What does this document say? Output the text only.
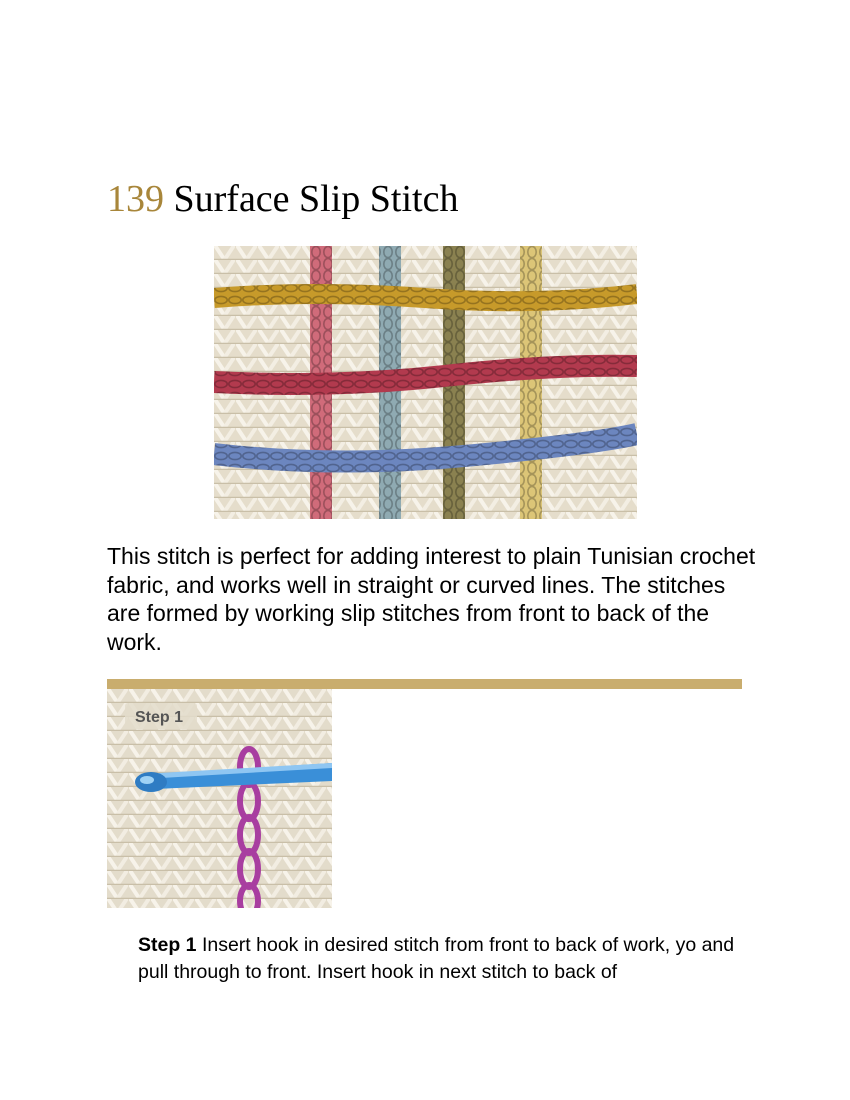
139 Surface Slip Stitch

This stitch is perfect for adding interest to plain Tunisian crochet fabric, and works well in straight or curved lines. The stitches are formed by working slip stitches from front to back of the work.

Step 1

Step 1 Insert hook in desired stitch from front to back of work, yo and pull through to front. Insert hook in next stitch to back of
